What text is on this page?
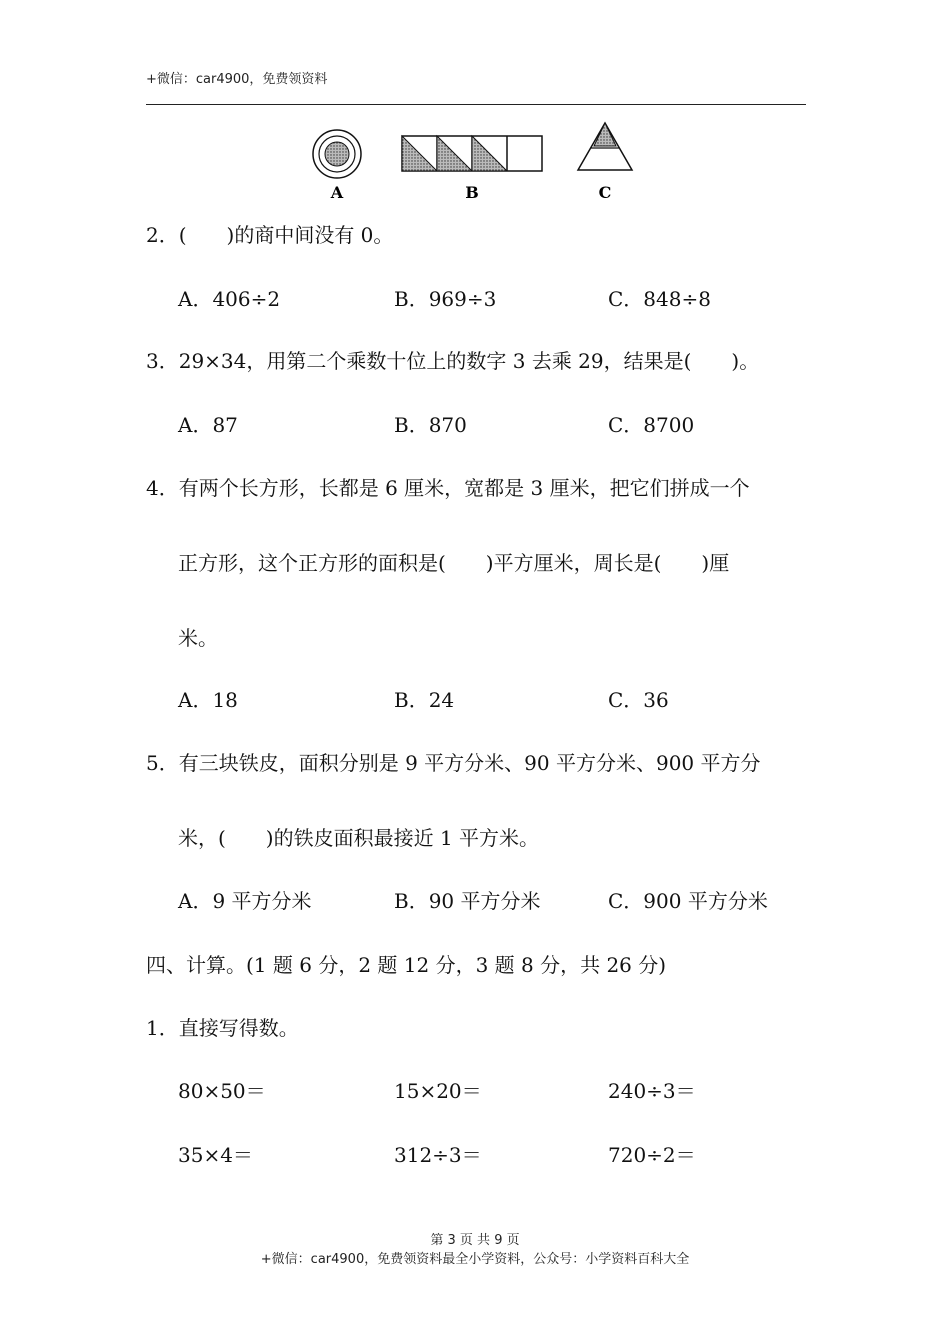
+微信：car4900，免费领资料
A	B	C
2．(　　)的商中间没有 0。
A．406÷2	B．969÷3	C．848÷8
3．29×34，用第二个乘数十位上的数字 3 去乘 29，结果是(　　)。
A．87	B．870	C．8700
4．有两个长方形，长都是 6 厘米，宽都是 3 厘米，把它们拼成一个
正方形，这个正方形的面积是(　　)平方厘米，周长是(　　)厘
米。
A．18	B．24	C．36
5．有三块铁皮，面积分别是 9 平方分米、90 平方分米、900 平方分
米，(　　)的铁皮面积最接近 1 平方米。
A．9 平方分米	B．90 平方分米	C．900 平方分米
四、计算。(1 题 6 分，2 题 12 分，3 题 8 分，共 26 分)
1．直接写得数。
80×50＝	15×20＝	240÷3＝
35×4＝	312÷3＝	720÷2＝
第 3 页 共 9 页
+微信：car4900，免费领资料最全小学资料，公众号：小学资料百科大全
